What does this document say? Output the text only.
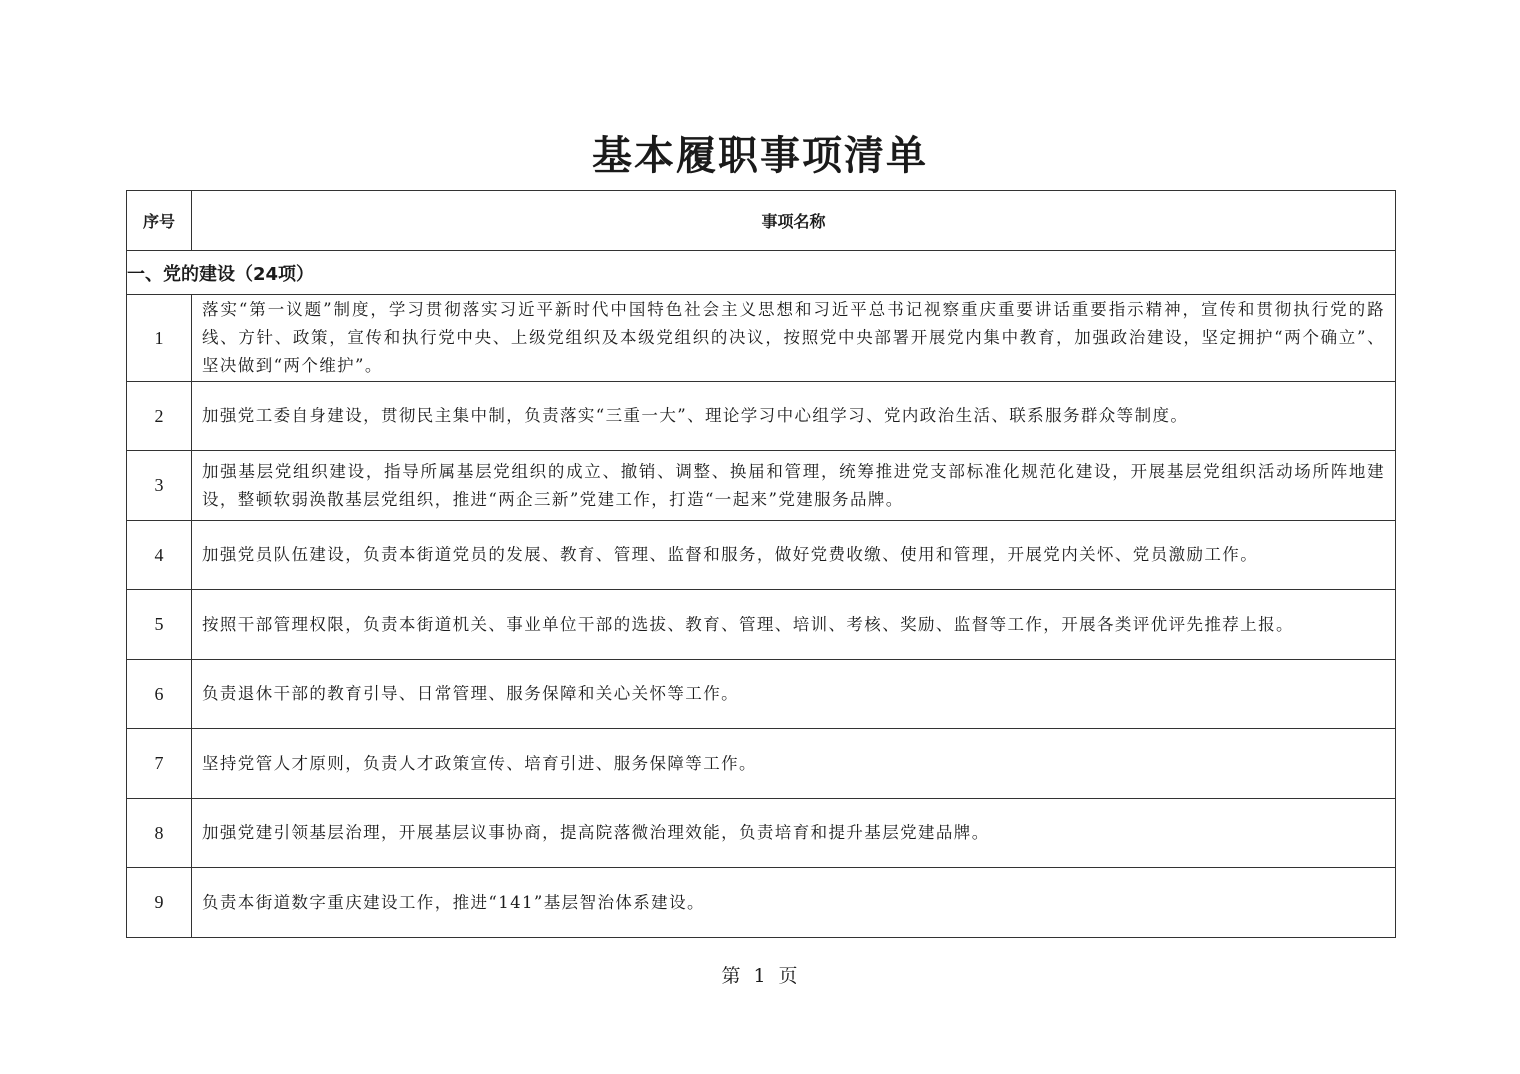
基本履职事项清单
序号	事项名称
一、党的建设（24项）	
1	落实“第一议题”制度，学习贯彻落实习近平新时代中国特色社会主义思想和习近平总书记视察重庆重要讲话重要指示精神，宣传和贯彻执行党的路线、方针、政策，宣传和执行党中央、上级党组织及本级党组织的决议，按照党中央部署开展党内集中教育，加强政治建设，坚定拥护“两个确立”、坚决做到“两个维护”。
2	加强党工委自身建设，贯彻民主集中制，负责落实“三重一大”、理论学习中心组学习、党内政治生活、联系服务群众等制度。
3	加强基层党组织建设，指导所属基层党组织的成立、撤销、调整、换届和管理，统筹推进党支部标准化规范化建设，开展基层党组织活动场所阵地建设，整顿软弱涣散基层党组织，推进“两企三新”党建工作，打造“一起来”党建服务品牌。
4	加强党员队伍建设，负责本街道党员的发展、教育、管理、监督和服务，做好党费收缴、使用和管理，开展党内关怀、党员激励工作。
5	按照干部管理权限，负责本街道机关、事业单位干部的选拔、教育、管理、培训、考核、奖励、监督等工作，开展各类评优评先推荐上报。
6	负责退休干部的教育引导、日常管理、服务保障和关心关怀等工作。
7	坚持党管人才原则，负责人才政策宣传、培育引进、服务保障等工作。
8	加强党建引领基层治理，开展基层议事协商，提高院落微治理效能，负责培育和提升基层党建品牌。
9	负责本街道数字重庆建设工作，推进“141”基层智治体系建设。
第 1 页
